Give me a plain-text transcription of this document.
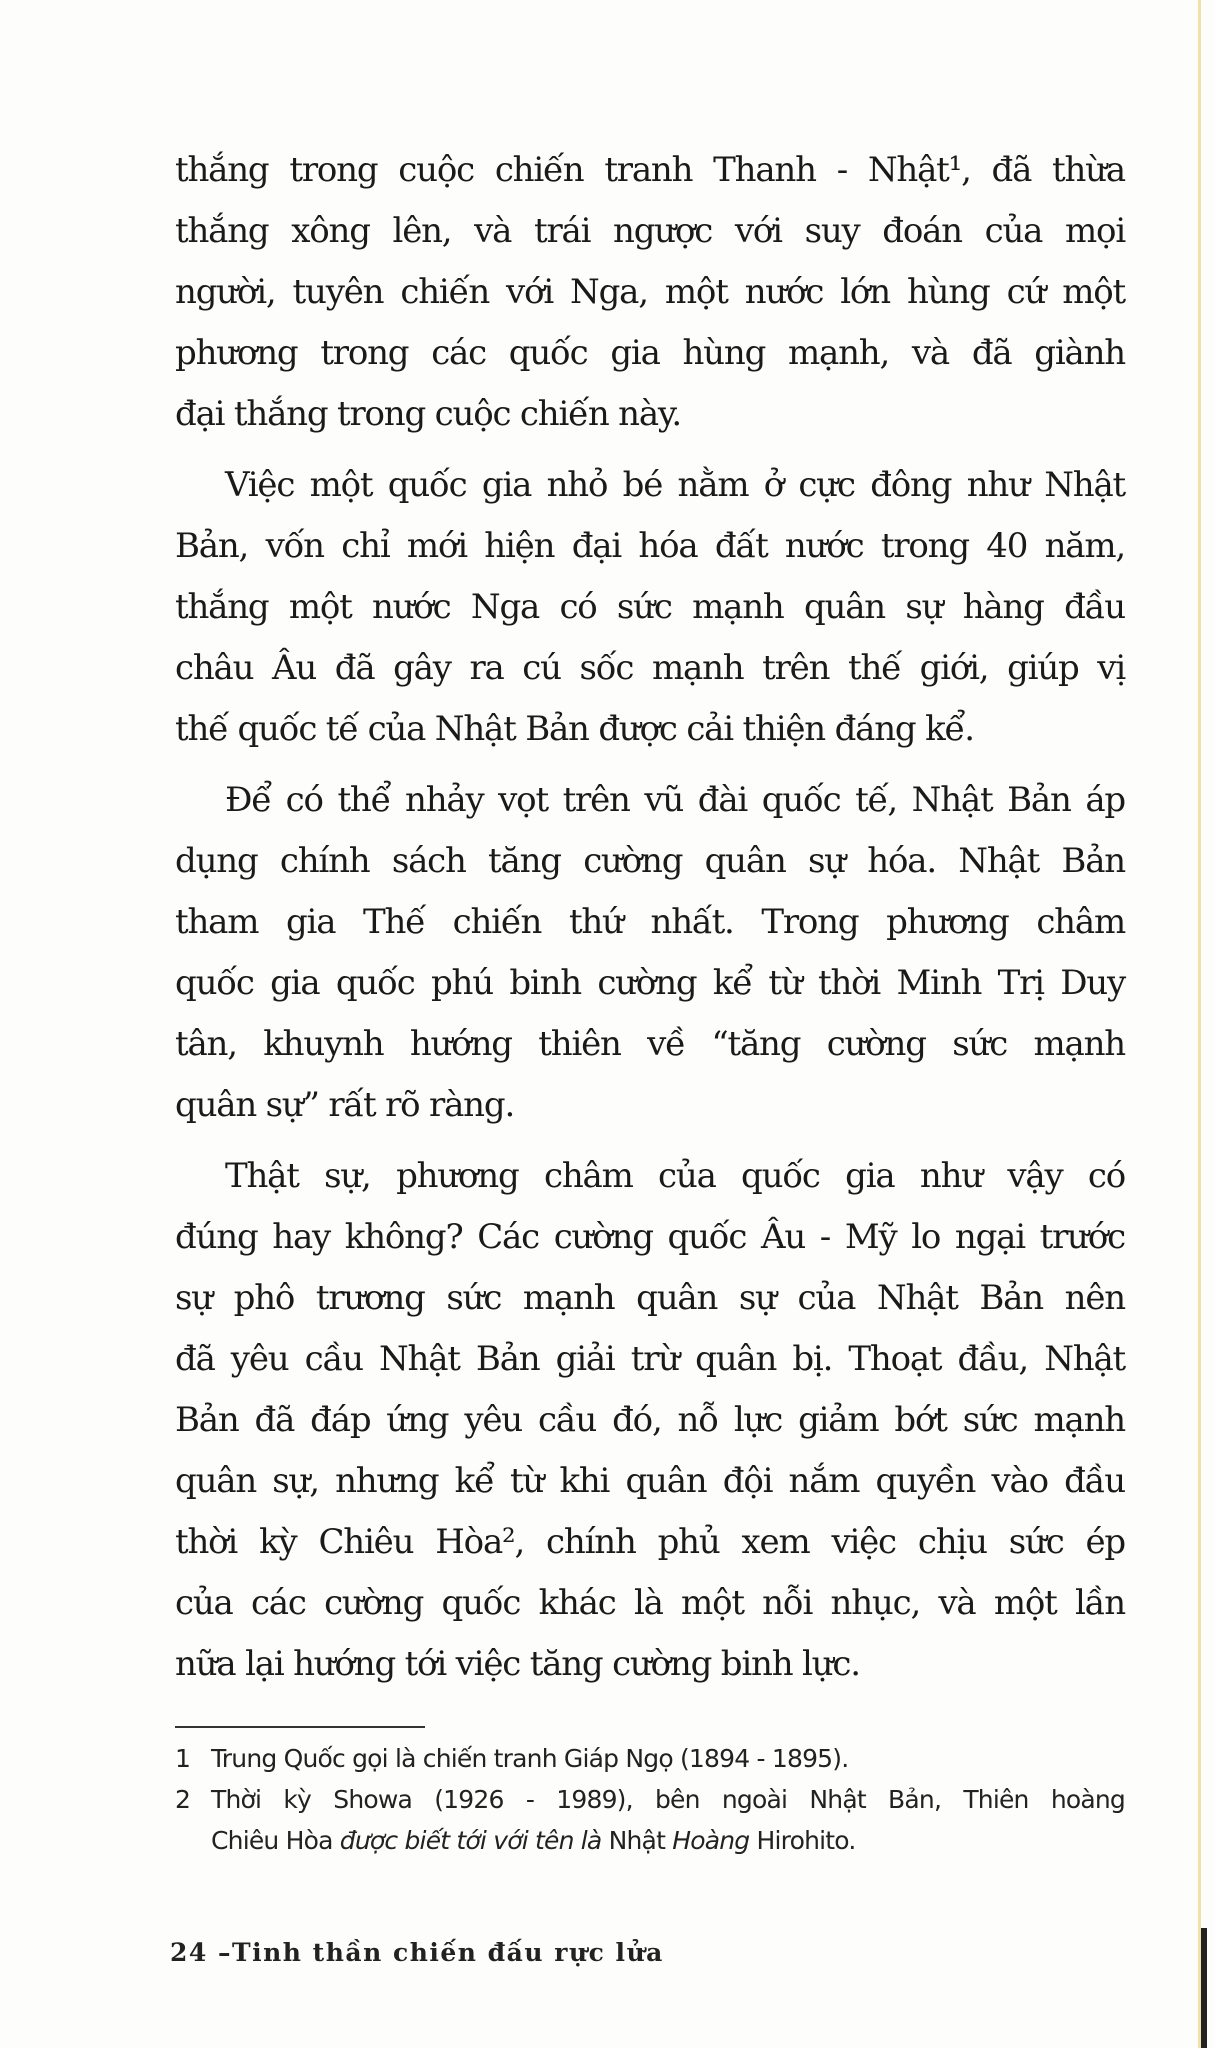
thắng trong cuộc chiến tranh Thanh - Nhật¹, đã thừa
thắng xông lên, và trái ngược với suy đoán của mọi
người, tuyên chiến với Nga, một nước lớn hùng cứ một
phương trong các quốc gia hùng mạnh, và đã giành
đại thắng trong cuộc chiến này.
Việc một quốc gia nhỏ bé nằm ở cực đông như Nhật
Bản, vốn chỉ mới hiện đại hóa đất nước trong 40 năm,
thắng một nước Nga có sức mạnh quân sự hàng đầu
châu Âu đã gây ra cú sốc mạnh trên thế giới, giúp vị
thế quốc tế của Nhật Bản được cải thiện đáng kể.
Để có thể nhảy vọt trên vũ đài quốc tế, Nhật Bản áp
dụng chính sách tăng cường quân sự hóa. Nhật Bản
tham gia Thế chiến thứ nhất. Trong phương châm
quốc gia quốc phú binh cường kể từ thời Minh Trị Duy
tân, khuynh hướng thiên về “tăng cường sức mạnh
quân sự” rất rõ ràng.
Thật sự, phương châm của quốc gia như vậy có
đúng hay không? Các cường quốc Âu - Mỹ lo ngại trước
sự phô trương sức mạnh quân sự của Nhật Bản nên
đã yêu cầu Nhật Bản giải trừ quân bị. Thoạt đầu, Nhật
Bản đã đáp ứng yêu cầu đó, nỗ lực giảm bớt sức mạnh
quân sự, nhưng kể từ khi quân đội nắm quyền vào đầu
thời kỳ Chiêu Hòa², chính phủ xem việc chịu sức ép
của các cường quốc khác là một nỗi nhục, và một lần
nữa lại hướng tới việc tăng cường binh lực.
1 Trung Quốc gọi là chiến tranh Giáp Ngọ (1894 - 1895).
2 Thời kỳ Showa (1926 - 1989), bên ngoài Nhật Bản, Thiên hoàng
Chiêu Hòa được biết tới với tên là Nhật Hoàng Hirohito.
24 –Tinh thần chiến đấu rực lửa
